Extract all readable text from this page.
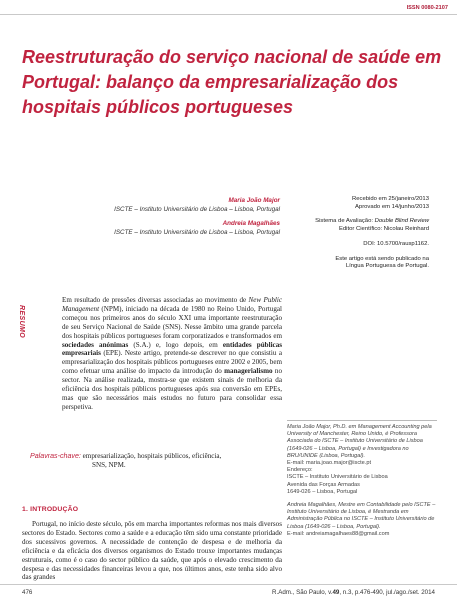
ISSN 0080-2107
Reestruturação do serviço nacional de saúde em Portugal: balanço da empresarialização dos hospitais públicos portugueses
Maria João Major
ISCTE – Instituto Universitário de Lisboa – Lisboa, Portugal
Andreia Magalhães
ISCTE – Instituto Universitário de Lisboa – Lisboa, Portugal

Recebido em 25/janeiro/2013

Aprovado em 14/junho/2013

Sistema de Avaliação: Double Blind Review

Editor Científico: Nicolau Reinhard

DOI: 10.5700/rausp1162.

Este artigo está sendo publicado na

Língua Portuguesa de Portugal.

RESUMO
Em resultado de pressões diversas associadas ao movimento de New Public Management (NPM), iniciado na década de 1980 no Reino Unido, Portugal começou nos primeiros anos do século XXI uma importante reestruturação de seu Serviço Nacional de Saúde (SNS). Nesse âmbito uma grande parcela dos hospitais públicos portugueses foram corporatizados e transformados em sociedades anónimas (S.A.) e, logo depois, em entidades públicas empresariais (EPE). Neste artigo, pretende-se descrever no que consistiu a empresarialização dos hospitais públicos portugueses entre 2002 e 2005, bem como efetuar uma análise do impacto da introdução do managerialismo no sector. Na análise realizada, mostra-se que existem sinais de melhoria da eficiência dos hospitais públicos portugueses após sua conversão em EPEs, mas que são necessários mais estudos no futuro para consolidar essa perspetiva.
Palavras-chave: empresarialização, hospitais públicos, eficiência,
SNS, NPM.
1. INTRODUÇÃO

Portugal, no início deste século, pôs em marcha importantes reformas nos mais diversos sectores do Estado. Sectores como a saúde e a educação têm sido uma constante prioridade dos sucessivos governos. A necessidade de contenção de despesa e de melhoria da eficiência e da eficácia dos diversos organismos do Estado trouxe importantes mudanças estruturais, como é o caso do sector público da saúde, que após o elevado crescimento da despesa e das necessidades financeiras levou a que, nos últimos anos, este tenha sido alvo das grandes

Maria João Major, Ph.D. em Management Accounting pela University of Manchester, Reino Unido, é Professora Associada do ISCTE – Instituto Universitário de Lisboa (1649-026 – Lisboa, Portugal) e Investigadora no BRU/UNIDE (Lisboa, Portugal).
E-mail: maria.joao.major@iscte.pt
Endereço:
ISCTE – Instituto Universitário de Lisboa
Avenida das Forças Armadas
1649-026 – Lisboa, Portugal
Andreia Magalhães, Mestre em Contabilidade pelo ISCTE – Instituto Universitário de Lisboa, é Mestranda em Administração Pública no ISCTE – Instituto Universitário de Lisboa (1649-026 – Lisboa, Portugal).
E-mail: andreiamagalhaes88@gmail.com
476	R.Adm., São Paulo, v.49, n.3, p.476-490, jul./ago./set. 2014
